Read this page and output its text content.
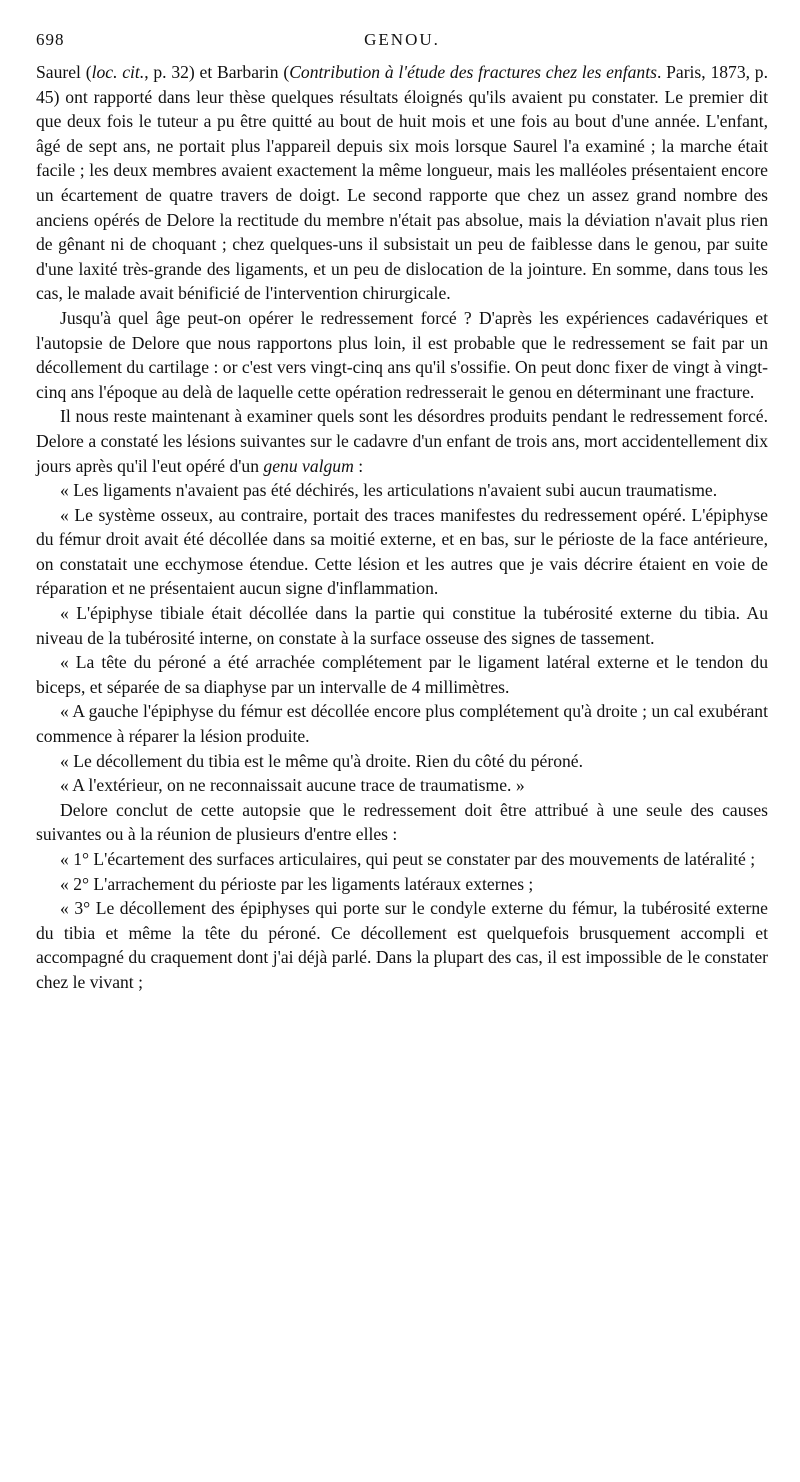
698	GENOU.

Saurel (loc. cit., p. 32) et Barbarin (Contribution à l'étude des fractures chez les enfants. Paris, 1873, p. 45) ont rapporté dans leur thèse quelques résultats éloignés qu'ils avaient pu constater. Le premier dit que deux fois le tuteur a pu être quitté au bout de huit mois et une fois au bout d'une année. L'enfant, âgé de sept ans, ne portait plus l'appareil depuis six mois lorsque Saurel l'a examiné ; la marche était facile ; les deux membres avaient exactement la même longueur, mais les malléoles présentaient encore un écartement de quatre travers de doigt. Le second rapporte que chez un assez grand nombre des anciens opérés de Delore la rectitude du membre n'était pas absolue, mais la déviation n'avait plus rien de gênant ni de choquant ; chez quelques-uns il subsistait un peu de faiblesse dans le genou, par suite d'une laxité très-grande des ligaments, et un peu de dislocation de la jointure. En somme, dans tous les cas, le malade avait bénificié de l'intervention chirurgicale.

Jusqu'à quel âge peut-on opérer le redressement forcé ? D'après les expériences cadavériques et l'autopsie de Delore que nous rapportons plus loin, il est probable que le redressement se fait par un décollement du cartilage : or c'est vers vingt-cinq ans qu'il s'ossifie. On peut donc fixer de vingt à vingt-cinq ans l'époque au delà de laquelle cette opération redresserait le genou en déterminant une fracture.

Il nous reste maintenant à examiner quels sont les désordres produits pendant le redressement forcé. Delore a constaté les lésions suivantes sur le cadavre d'un enfant de trois ans, mort accidentellement dix jours après qu'il l'eut opéré d'un genu valgum :

« Les ligaments n'avaient pas été déchirés, les articulations n'avaient subi aucun traumatisme.

« Le système osseux, au contraire, portait des traces manifestes du redressement opéré. L'épiphyse du fémur droit avait été décollée dans sa moitié externe, et en bas, sur le périoste de la face antérieure, on constatait une ecchymose étendue. Cette lésion et les autres que je vais décrire étaient en voie de réparation et ne présentaient aucun signe d'inflammation.

« L'épiphyse tibiale était décollée dans la partie qui constitue la tubérosité externe du tibia. Au niveau de la tubérosité interne, on constate à la surface osseuse des signes de tassement.

« La tête du péroné a été arrachée complétement par le ligament latéral externe et le tendon du biceps, et séparée de sa diaphyse par un intervalle de 4 millimètres.

« A gauche l'épiphyse du fémur est décollée encore plus complétement qu'à droite ; un cal exubérant commence à réparer la lésion produite.

« Le décollement du tibia est le même qu'à droite. Rien du côté du péroné.

« A l'extérieur, on ne reconnaissait aucune trace de traumatisme. »

Delore conclut de cette autopsie que le redressement doit être attribué à une seule des causes suivantes ou à la réunion de plusieurs d'entre elles :

« 1° L'écartement des surfaces articulaires, qui peut se constater par des mouvements de latéralité ;

« 2° L'arrachement du périoste par les ligaments latéraux externes ;

« 3° Le décollement des épiphyses qui porte sur le condyle externe du fémur, la tubérosité externe du tibia et même la tête du péroné. Ce décollement est quelquefois brusquement accompli et accompagné du craquement dont j'ai déjà parlé. Dans la plupart des cas, il est impossible de le constater chez le vivant ;
